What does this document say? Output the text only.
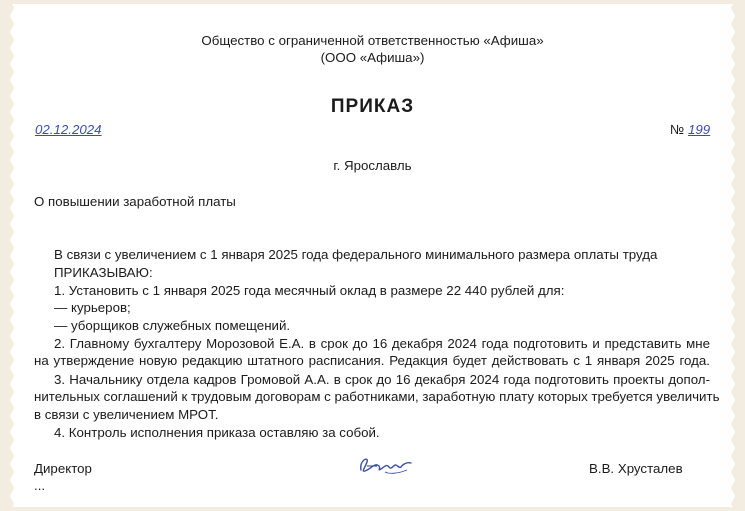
Общество с ограниченной ответственностью «Афиша»
(ООО «Афиша»)
ПРИКАЗ
02.12.2024	№ 199
г. Ярославль
О повышении заработной платы
В связи с увеличением с 1 января 2025 года федерального минимального размера оплаты труда
ПРИКАЗЫВАЮ:
1. Установить с 1 января 2025 года месячный оклад в размере 22 440 рублей для:
— курьеров;
— уборщиков служебных помещений.
2. Главному бухгалтеру Морозовой Е.А. в срок до 16 декабря 2024 года подготовить и представить мне
на утверждение новую редакцию штатного расписания. Редакция будет действовать с 1 января 2025 года.
3. Начальнику отдела кадров Громовой А.А. в срок до 16 декабря 2024 года подготовить проекты допол-
нительных соглашений к трудовым договорам с работниками, заработную плату которых требуется увеличить
в связи с увеличением МРОТ.
4. Контроль исполнения приказа оставляю за собой.
Директор	В.В. Хрусталев
...
